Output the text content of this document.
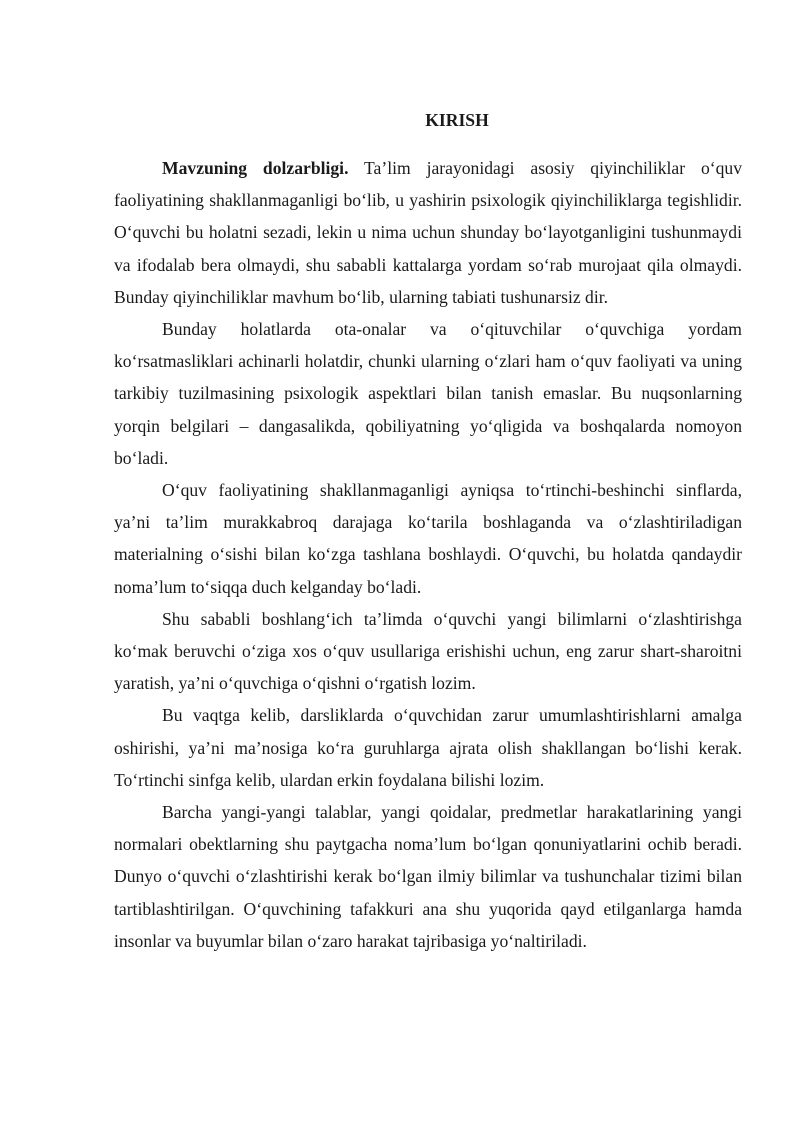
KIRISH

Mavzuning dolzarbligi. Ta’lim jarayonidagi asosiy qiyinchiliklar o‘quv faoliyatining shakllanmaganligi bo‘lib, u yashirin psixologik qiyinchiliklarga tegishlidir. O‘quvchi bu holatni sezadi, lekin u nima uchun shunday bo‘layotganligini tushunmaydi va ifodalab bera olmaydi, shu sababli kattalarga yordam so‘rab murojaat qila olmaydi. Bunday qiyinchiliklar mavhum bo‘lib, ularning tabiati tushunarsiz dir.

Bunday holatlarda ota-onalar va o‘qituvchilar o‘quvchiga yordam ko‘rsatmasliklari achinarli holatdir, chunki ularning o‘zlari ham o‘quv faoliyati va uning tarkibiy tuzilmasining psixologik aspektlari bilan tanish emaslar. Bu nuqsonlarning yorqin belgilari – dangasalikda, qobiliyatning yo‘qligida va boshqalarda nomoyon bo‘ladi.

O‘quv faoliyatining shakllanmaganligi ayniqsa to‘rtinchi-beshinchi sinflarda, ya’ni ta’lim murakkabroq darajaga ko‘tarila boshlaganda va o‘zlashtiriladigan materialning o‘sishi bilan ko‘zga tashlana boshlaydi. O‘quvchi, bu holatda qandaydir noma’lum to‘siqqa duch kelganday bo‘ladi.

Shu sababli boshlang‘ich ta’limda o‘quvchi yangi bilimlarni o‘zlashtirishga ko‘mak beruvchi o‘ziga xos o‘quv usullariga erishishi uchun, eng zarur shart-sharoitni yaratish, ya’ni o‘quvchiga o‘qishni o‘rgatish lozim.

Bu vaqtga kelib, darsliklarda o‘quvchidan zarur umumlashtirishlarni amalga oshirishi, ya’ni ma’nosiga ko‘ra guruhlarga ajrata olish shakllangan bo‘lishi kerak. To‘rtinchi sinfga kelib, ulardan erkin foydalana bilishi lozim.

Barcha yangi-yangi talablar, yangi qoidalar, predmetlar harakatlarining yangi normalari obektlarning shu paytgacha noma’lum bo‘lgan qonuniyatlarini ochib beradi. Dunyo o‘quvchi o‘zlashtirishi kerak bo‘lgan ilmiy bilimlar va tushunchalar tizimi bilan tartiblashtirilgan. O‘quvchining tafakkuri ana shu yuqorida qayd etilganlarga hamda insonlar va buyumlar bilan o‘zaro harakat tajribasiga yo‘naltiriladi.
